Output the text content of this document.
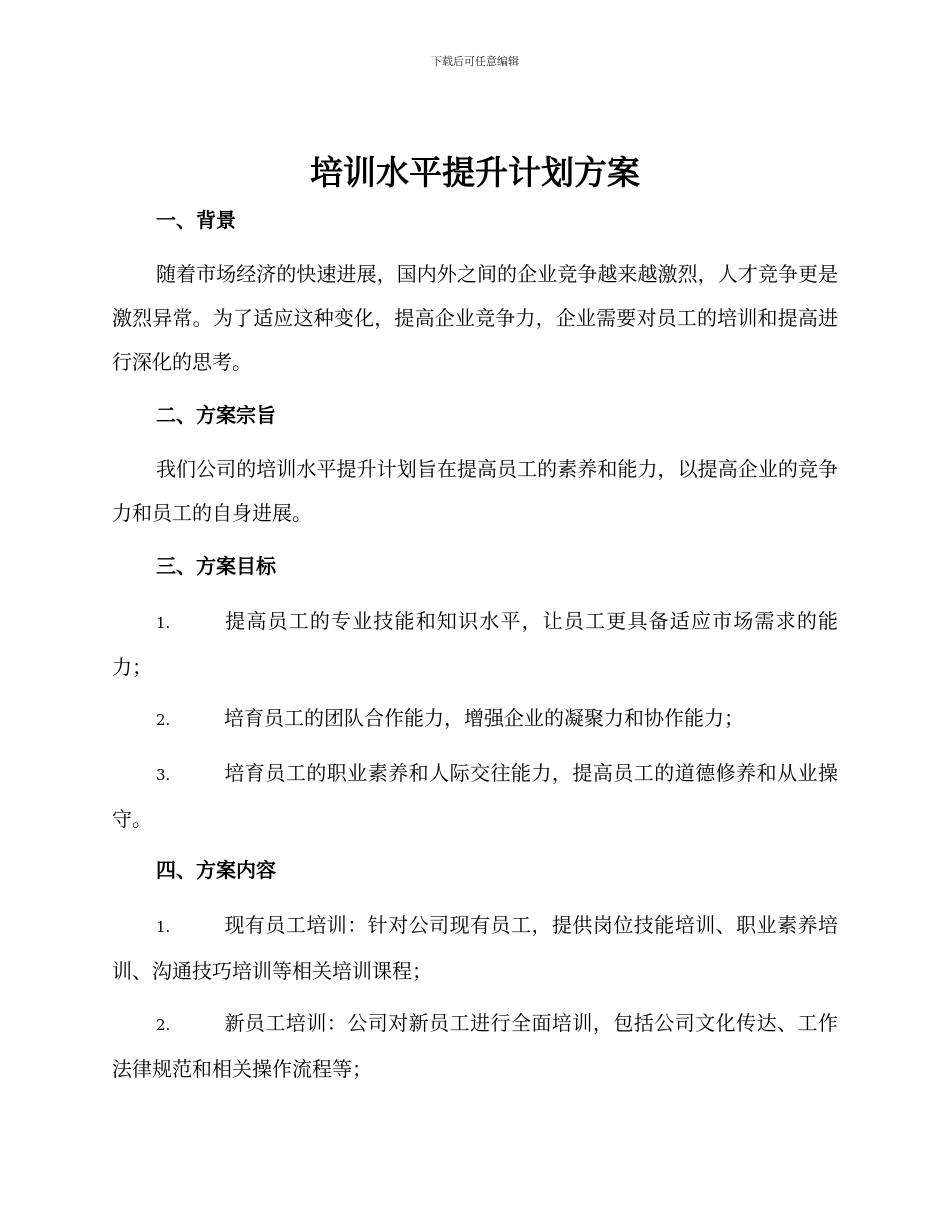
下载后可任意编辑
培训水平提升计划方案
一、背景
随着市场经济的快速进展，国内外之间的企业竞争越来越激烈，人才竞争更是激烈异常。为了适应这种变化，提高企业竞争力，企业需要对员工的培训和提高进行深化的思考。
二、方案宗旨
我们公司的培训水平提升计划旨在提高员工的素养和能力，以提高企业的竞争力和员工的自身进展。
三、方案目标
1.	提高员工的专业技能和知识水平，让员工更具备适应市场需求的能力；
2.	培育员工的团队合作能力，增强企业的凝聚力和协作能力；
3.	培育员工的职业素养和人际交往能力，提高员工的道德修养和从业操守。
四、方案内容
1.	现有员工培训：针对公司现有员工，提供岗位技能培训、职业素养培训、沟通技巧培训等相关培训课程；
2.	新员工培训：公司对新员工进行全面培训，包括公司文化传达、工作法律规范和相关操作流程等；
